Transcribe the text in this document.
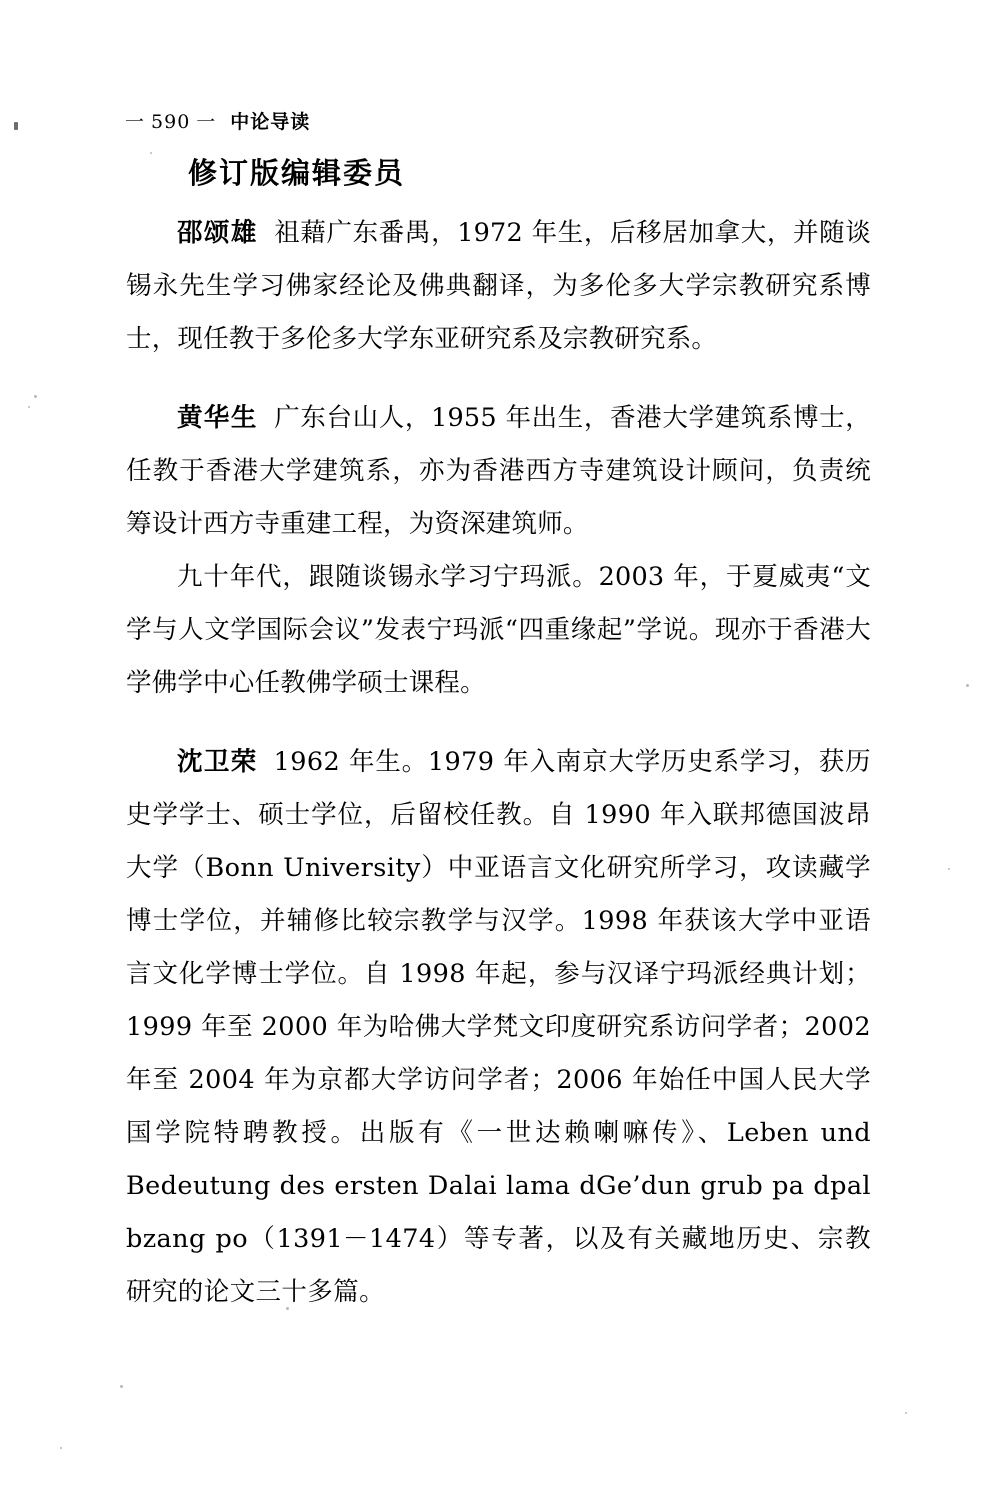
一 590 一 中论导读
修订版编辑委员

邵颂雄 祖藉广东番禺，1972 年生，后移居加拿大，并随谈锡永先生学习佛家经论及佛典翻译，为多伦多大学宗教研究系博士，现任教于多伦多大学东亚研究系及宗教研究系。

黄华生 广东台山人，1955 年出生，香港大学建筑系博士，任教于香港大学建筑系，亦为香港西方寺建筑设计顾问，负责统筹设计西方寺重建工程，为资深建筑师。

九十年代，跟随谈锡永学习宁玛派。2003 年，于夏威夷“文学与人文学国际会议”发表宁玛派“四重缘起”学说。现亦于香港大学佛学中心任教佛学硕士课程。

沈卫荣 1962 年生。1979 年入南京大学历史系学习，获历史学学士、硕士学位，后留校任教。自 1990 年入联邦德国波昂大学（Bonn University）中亚语言文化研究所学习，攻读藏学博士学位，并辅修比较宗教学与汉学。1998 年获该大学中亚语言文化学博士学位。自 1998 年起，参与汉译宁玛派经典计划；1999 年至 2000 年为哈佛大学梵文印度研究系访问学者；2002 年至 2004 年为京都大学访问学者；2006 年始任中国人民大学国学院特聘教授。出版有《一世达赖喇嘛传》、Leben und Bedeutung des ersten Dalai lama dGe’dun grub pa dpal bzang po（1391－1474）等专著，以及有关藏地历史、宗教研究的论文三十多篇。
